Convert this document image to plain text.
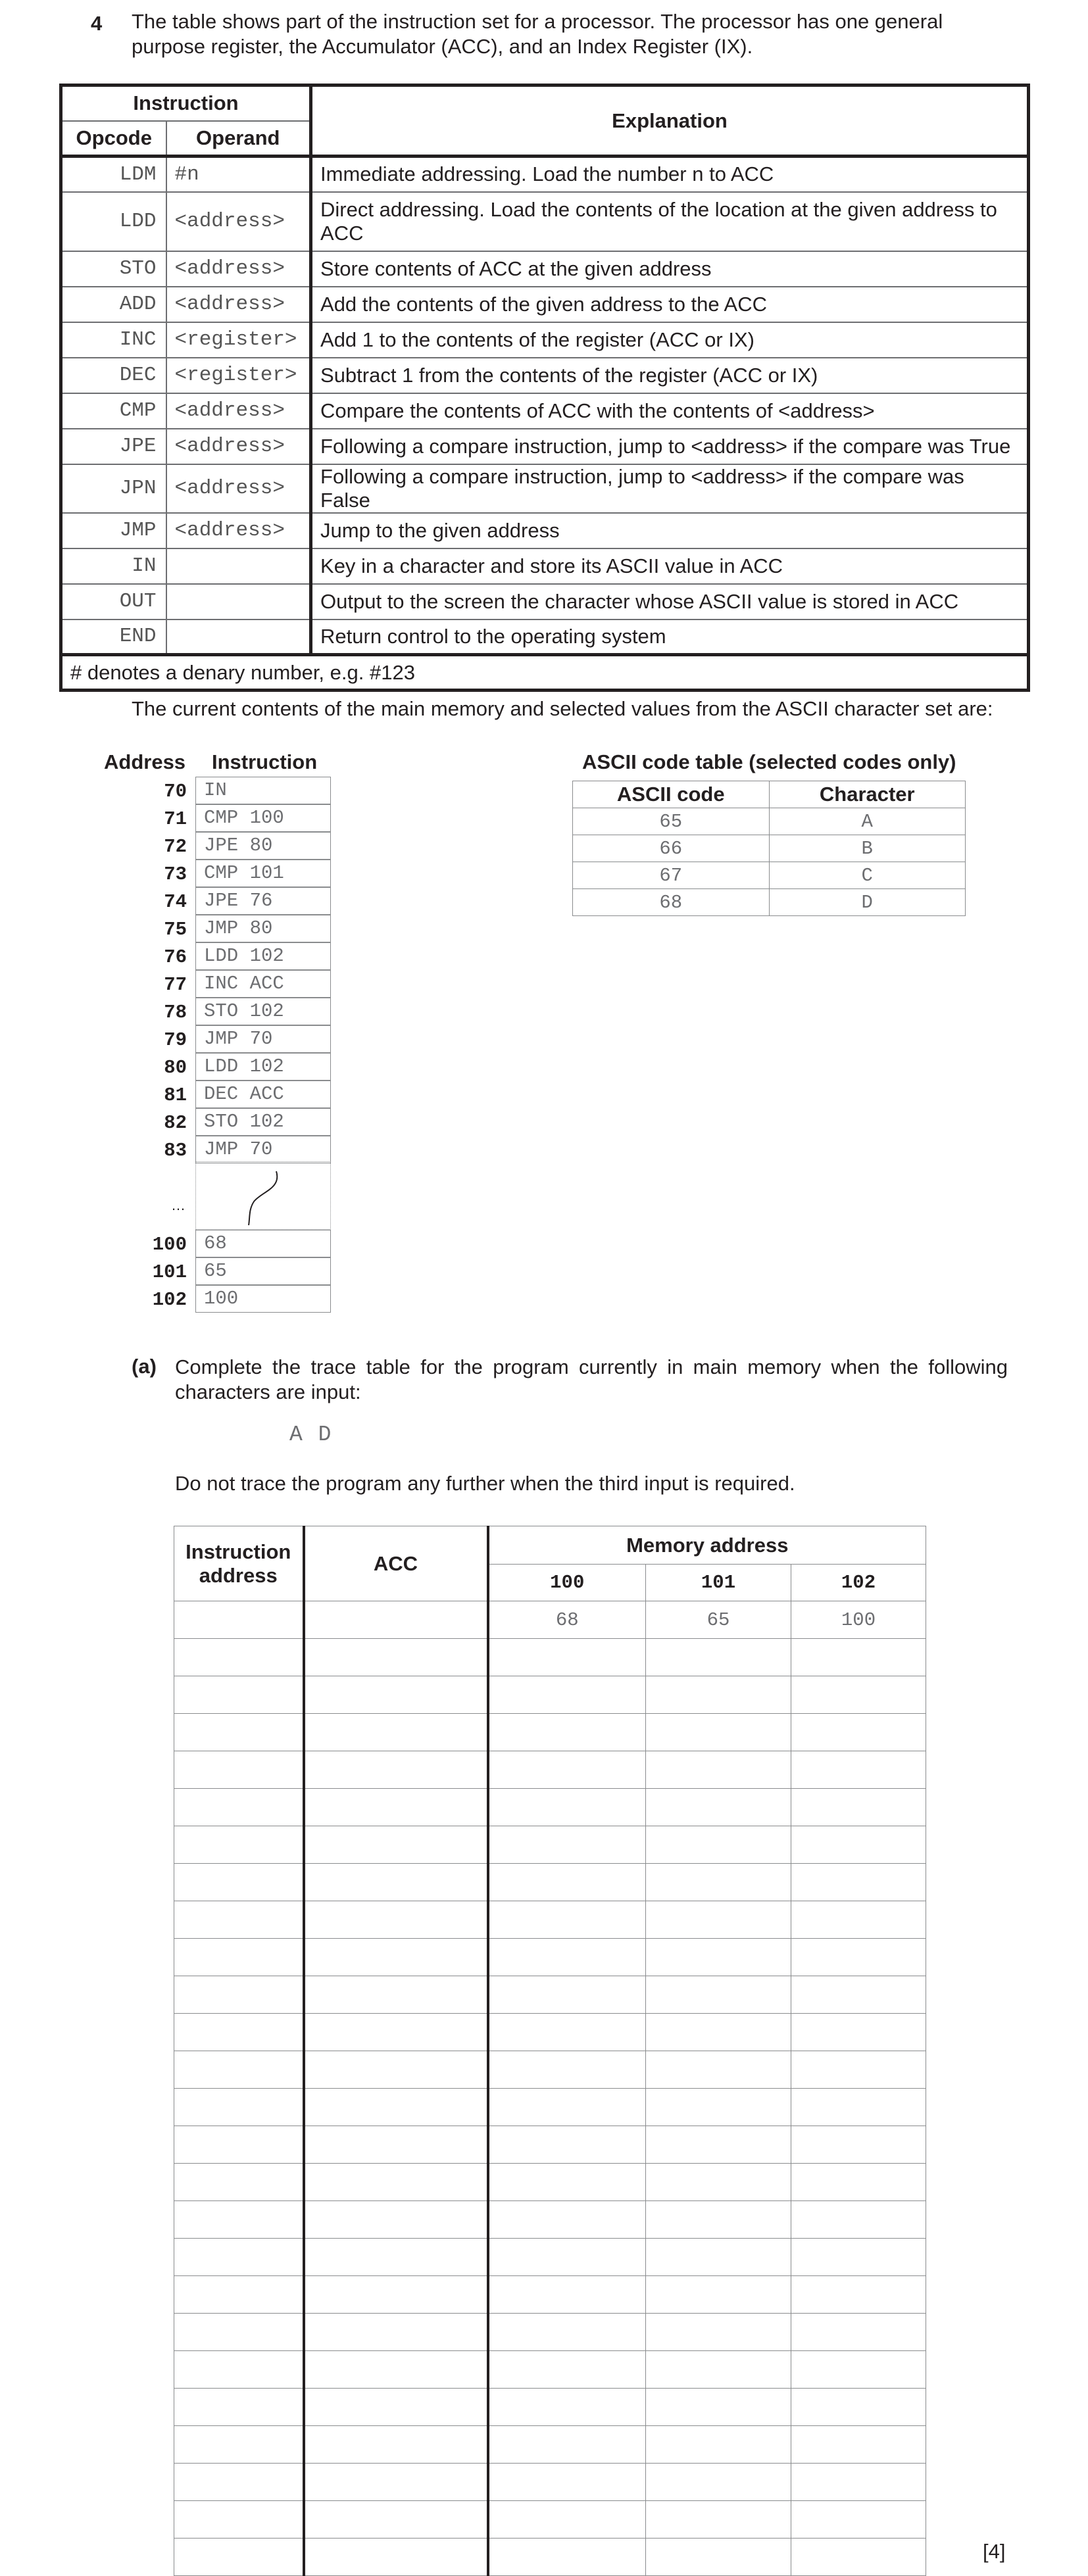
4 The table shows part of the instruction set for a processor. The processor has one general purpose register, the Accumulator (ACC), and an Index Register (IX).
Instruction		Explanation
Opcode	Operand	
LDM	#n	Immediate addressing. Load the number n to ACC
LDD	<address>	Direct addressing. Load the contents of the location at the given address to ACC
STO	<address>	Store contents of ACC at the given address
ADD	<address>	Add the contents of the given address to the ACC
INC	<register>	Add 1 to the contents of the register (ACC or IX)
DEC	<register>	Subtract 1 from the contents of the register (ACC or IX)
CMP	<address>	Compare the contents of ACC with the contents of <address>
JPE	<address>	Following a compare instruction, jump to <address> if the compare was True
JPN	<address>	Following a compare instruction, jump to <address> if the compare was False
JMP	<address>	Jump to the given address
IN		Key in a character and store its ASCII value in ACC
OUT		Output to the screen the character whose ASCII value is stored in ACC
END		Return control to the operating system
# denotes a denary number, e.g. #123		
The current contents of the main memory and selected values from the ASCII character set are:
Address Instruction
70 IN
71 CMP 100
72 JPE 80
73 CMP 101
74 JPE 76
75 JMP 80
76 LDD 102
77 INC ACC
78 STO 102
79 JMP 70
80 LDD 102
81 DEC ACC
82 STO 102
83 JMP 70
100 68
101 65
102 100
…
ASCII code table (selected codes only)
ASCII code	Character
65	A
66	B
67	C
68	D
(a) Complete the trace table for the program currently in main memory when the following characters are input:
A D
Do not trace the program any further when the third input is required.
Instruction address	ACC	Memory address		
		100	101	102
		68	65	100

[4]
